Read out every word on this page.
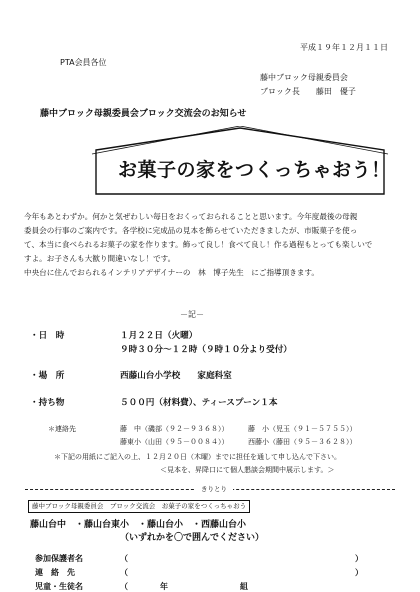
平成１９年１２月１１日
PTA会員各位
藤中ブロック母親委員会
ブロック長　　藤田　優子
藤中ブロック母親委員会ブロック交流会のお知らせ
お菓子の家をつくっちゃおう！
今年もあとわずか。何かと気ぜわしい毎日をおくっておられることと思います。今年度最後の母親
委員会の行事のご案内です。各学校に完成品の見本を飾らせていただきましたが、市販菓子を使っ
て、本当に食べられるお菓子の家を作ります。飾って良し！食べて良し！作る過程もとっても楽しいで
すよ。お子さんも大歓り間違いなし！です。
中央台に住んでおられるインテリアデザイナーの　林　博子先生　にご指導頂きます。
－記－
・日　時	１月２２日（火曜）
９時３０分～１２時（９時１０分より受付）
・場　所	西藤山台小学校　　家庭科室
・持ち物	５００円（材料費）、ティースプーン１本
＊連絡先	藤　中（磯部（９２－９３６８））	藤　小（児玉（９１－５７５５））
藤東小（山田（９５－００８４））	西藤小（藤田（９５－３６２８））
＊下記の用紙にご記入の上、１２月２０日（木曜）までに担任を通して申し込んで下さい。
＜見本を、昇降口にて個人懇談会期間中展示します。＞
きりとり
藤中ブロック母親委員会　ブロック交流会　お菓子の家をつくっちゃおう
藤山台中　・藤山台東小　・藤山台小　・西藤山台小
（いずれかを〇で囲んでください）
参加保護者名	（	）
連　絡　先	（	）
児童・生徒名	（	年	組
